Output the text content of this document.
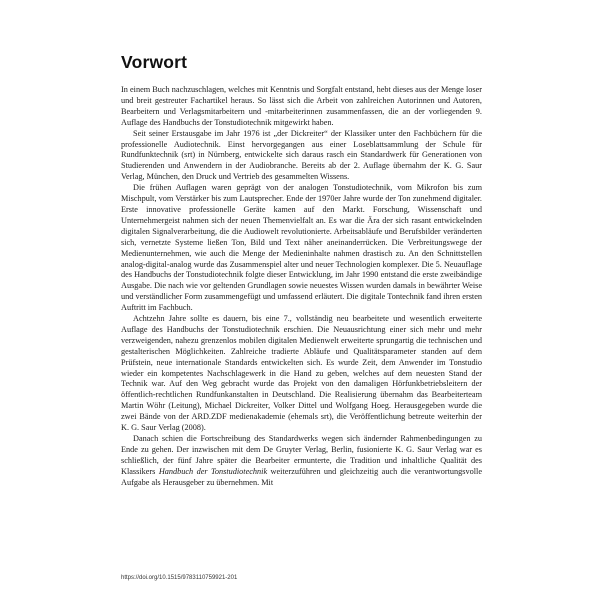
Vorwort

In einem Buch nachzuschlagen, welches mit Kenntnis und Sorgfalt entstand, hebt dieses aus der Menge loser und breit gestreuter Fachartikel heraus. So lässt sich die Arbeit von zahlreichen Autorinnen und Autoren, Bearbeitern und Verlagsmitarbeitern und -mitarbeiterinnen zusammenfassen, die an der vorliegenden 9. Auflage des Handbuchs der Tonstudiotechnik mitgewirkt haben.

Seit seiner Erstausgabe im Jahr 1976 ist „der Dickreiter“ der Klassiker unter den Fachbüchern für die professionelle Audiotechnik. Einst hervorgegangen aus einer Loseblattsammlung der Schule für Rundfunktechnik (srt) in Nürnberg, entwickelte sich daraus rasch ein Standardwerk für Generationen von Studierenden und Anwendern in der Audiobranche. Bereits ab der 2. Auflage übernahm der K. G. Saur Verlag, München, den Druck und Vertrieb des gesammelten Wissens.

Die frühen Auflagen waren geprägt von der analogen Tonstudiotechnik, vom Mikrofon bis zum Mischpult, vom Verstärker bis zum Lautsprecher. Ende der 1970er Jahre wurde der Ton zunehmend digitaler. Erste innovative professionelle Geräte kamen auf den Markt. Forschung, Wissenschaft und Unternehmergeist nahmen sich der neuen Themenvielfalt an. Es war die Ära der sich rasant entwickelnden digitalen Signalverarbeitung, die die Audiowelt revolutionierte. Arbeitsabläufe und Berufsbilder veränderten sich, vernetzte Systeme ließen Ton, Bild und Text näher aneinanderrücken. Die Verbreitungswege der Medienunternehmen, wie auch die Menge der Medieninhalte nahmen drastisch zu. An den Schnittstellen analog-digital-analog wurde das Zusammenspiel alter und neuer Technologien komplexer. Die 5. Neuauflage des Handbuchs der Tonstudiotechnik folgte dieser Entwicklung, im Jahr 1990 entstand die erste zweibändige Ausgabe. Die nach wie vor geltenden Grundlagen sowie neuestes Wissen wurden damals in bewährter Weise und verständlicher Form zusammengefügt und umfassend erläutert. Die digitale Tontechnik fand ihren ersten Auftritt im Fachbuch.

Achtzehn Jahre sollte es dauern, bis eine 7., vollständig neu bearbeitete und wesentlich erweiterte Auflage des Handbuchs der Tonstudiotechnik erschien. Die Neuausrichtung einer sich mehr und mehr verzweigenden, nahezu grenzenlos mobilen digitalen Medienwelt erweiterte sprungartig die technischen und gestalterischen Möglichkeiten. Zahlreiche tradierte Abläufe und Qualitätsparameter standen auf dem Prüfstein, neue internationale Standards entwickelten sich. Es wurde Zeit, dem Anwender im Tonstudio wieder ein kompetentes Nachschlagewerk in die Hand zu geben, welches auf dem neuesten Stand der Technik war. Auf den Weg gebracht wurde das Projekt von den damaligen Hörfunkbetriebsleitern der öffentlich-rechtlichen Rundfunkanstalten in Deutschland. Die Realisierung übernahm das Bearbeiterteam Martin Wöhr (Leitung), Michael Dickreiter, Volker Dittel und Wolfgang Hoeg. Herausgegeben wurde die zwei Bände von der ARD.ZDF medienakademie (ehemals srt), die Veröffentlichung betreute weiterhin der K. G. Saur Verlag (2008).

Danach schien die Fortschreibung des Standardwerks wegen sich ändernder Rahmenbedingungen zu Ende zu gehen. Der inzwischen mit dem De Gruyter Verlag, Berlin, fusionierte K. G. Saur Verlag war es schließlich, der fünf Jahre später die Bearbeiter ermunterte, die Tradition und inhaltliche Qualität des Klassikers Handbuch der Tonstudiotechnik weiterzuführen und gleichzeitig auch die verantwortungsvolle Aufgabe als Herausgeber zu übernehmen. Mit

https://doi.org/10.1515/9783110759921-201
